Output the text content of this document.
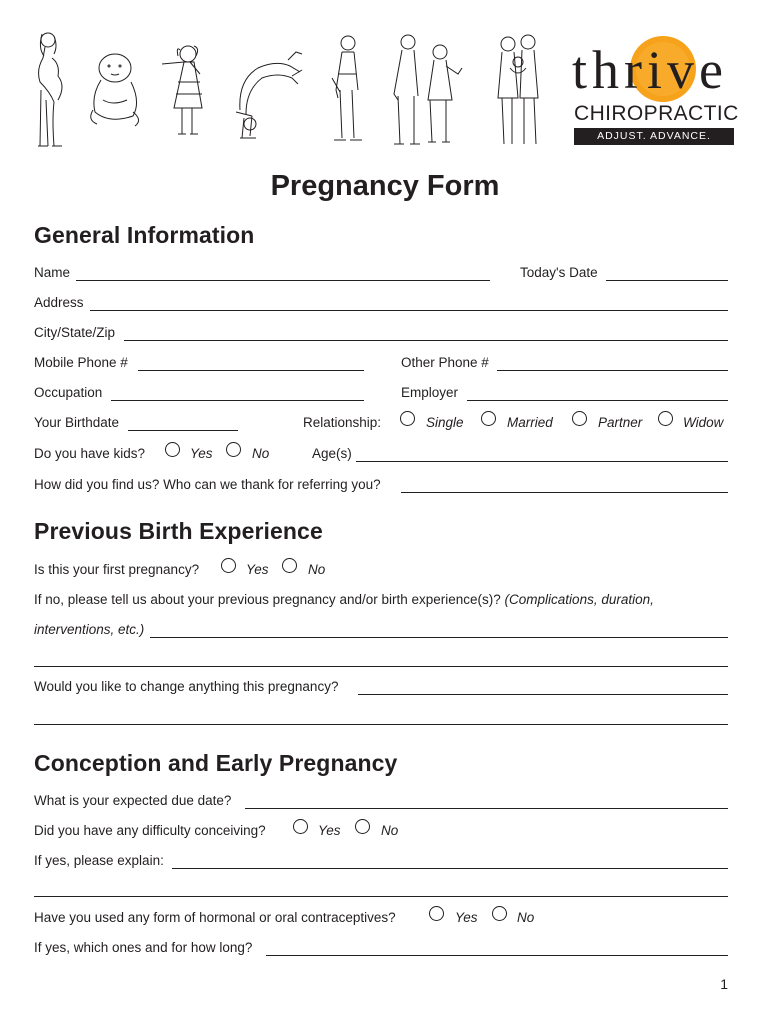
thrive
CHIROPRACTIC
ADJUST. ADVANCE. THRIVE.
Pregnancy Form
General Information
Name	Today's Date
Address
City/State/Zip
Mobile Phone #	Other Phone #
Occupation	Employer
Your Birthdate	Relationship:	Single	Married	Partner	Widow
Do you have kids?	Yes	No	Age(s)
How did you find us? Who can we thank for referring you?
Previous Birth Experience
Is this your first pregnancy?	Yes	No
If no, please tell us about your previous pregnancy and/or birth experience(s)? (Complications, duration,
interventions, etc.)
Would you like to change anything this pregnancy?
Conception and Early Pregnancy
What is your expected due date?
Did you have any difficulty conceiving?	Yes	No
If yes, please explain:
Have you used any form of hormonal or oral contraceptives?	Yes	No
If yes, which ones and for how long?
1
